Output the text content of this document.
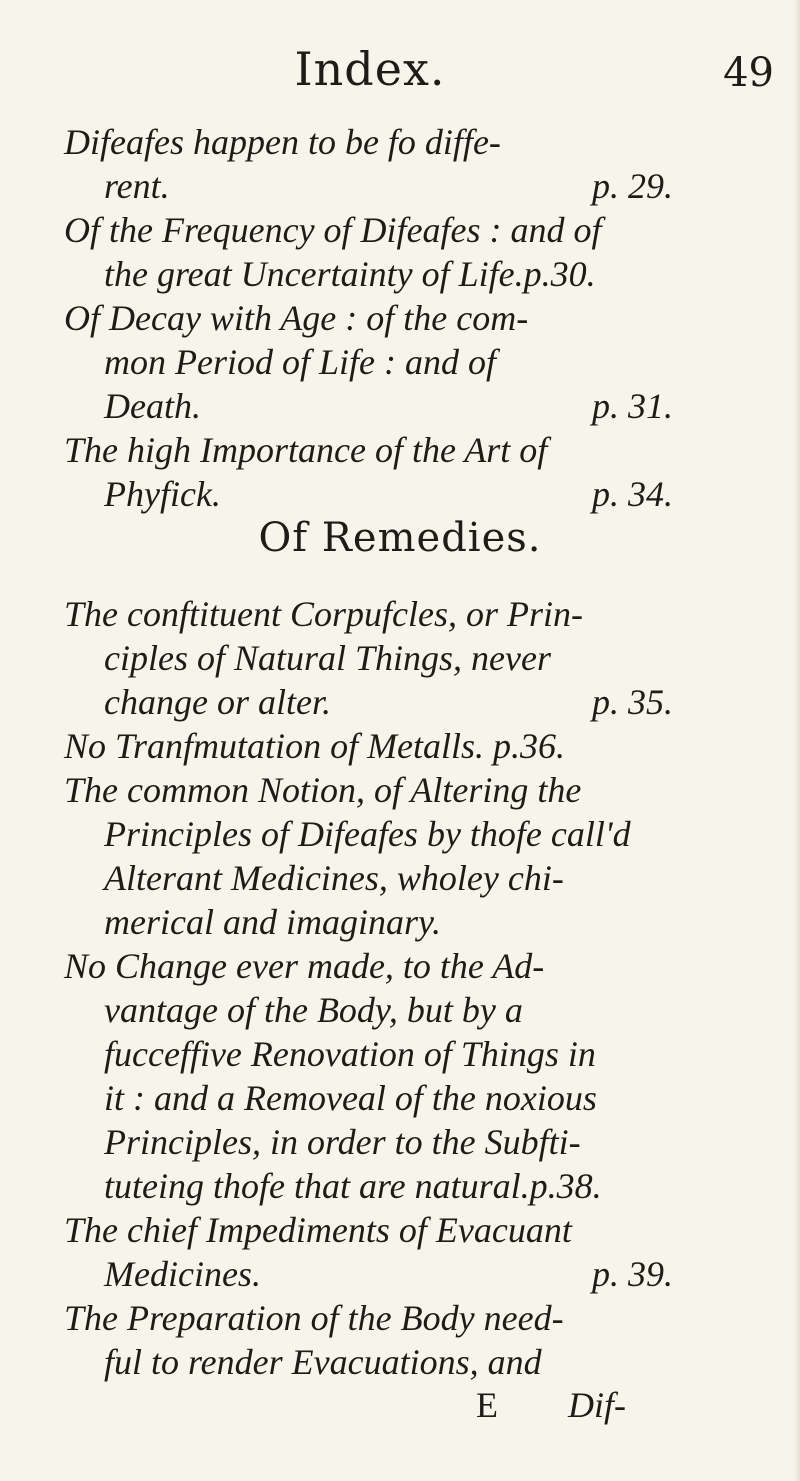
Index.	49
Difeafes happen to be fo diffe-
rent.	p. 29.
Of the Frequency of Difeafes : and of
the great Uncertainty of Life.p.30.
Of Decay with Age : of the com-
mon Period of Life : and of
Death.	p. 31.
The high Importance of the Art of
Phyfick.	p. 34.
Of Remedies.
The conftituent Corpufcles, or Prin-
ciples of Natural Things, never
change or alter.	p. 35.
No Tranfmutation of Metalls. p.36.
The common Notion, of Altering the
Principles of Difeafes by thofe call'd
Alterant Medicines, wholey chi-
merical and imaginary.
No Change ever made, to the Ad-
vantage of the Body, but by a
fucceffive Renovation of Things in
it : and a Removeal of the noxious
Principles, in order to the Subfti-
tuteing thofe that are natural.p.38.
The chief Impediments of Evacuant
Medicines.	p. 39.
The Preparation of the Body need-
ful to render Evacuations, and
E Dif-
